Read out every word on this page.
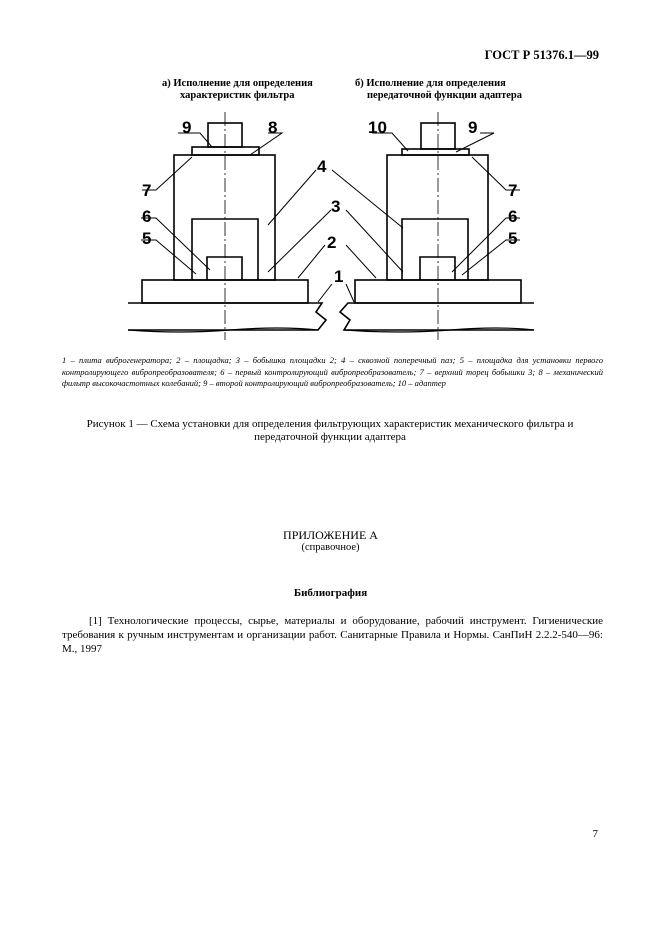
ГОСТ Р 51376.1—99
а) Исполнение для определения
характеристик фильтра
б) Исполнение для определения
передаточной функции адаптера
9	8
7
6
5
4
3
2
1
10	9
7
6
5
1 – плита виброгенератора; 2 – площадка; 3 – бобышка площадки 2; 4 – сквозной поперечный паз; 5 – площадка для установки первого контролирующего вибропреобразователя; 6 – первый контролирующий вибропреобразователь; 7 – верхний торец бобышки 3; 8 – механический фильтр высокочастотных колебаний; 9 – второй контролирующий вибропреобразователь; 10 – адаптер
Рисунок 1 — Схема установки для определения фильтрующих характеристик механического фильтра и передаточной функции адаптера
ПРИЛОЖЕНИЕ А
(справочное)
Библиография
[1] Технологические процессы, сырье, материалы и оборудование, рабочий инструмент. Гигиенические требования к ручным инструментам и организации работ. Санитарные Правила и Нормы. СанПиН 2.2.2-540—96: М., 1997
7
